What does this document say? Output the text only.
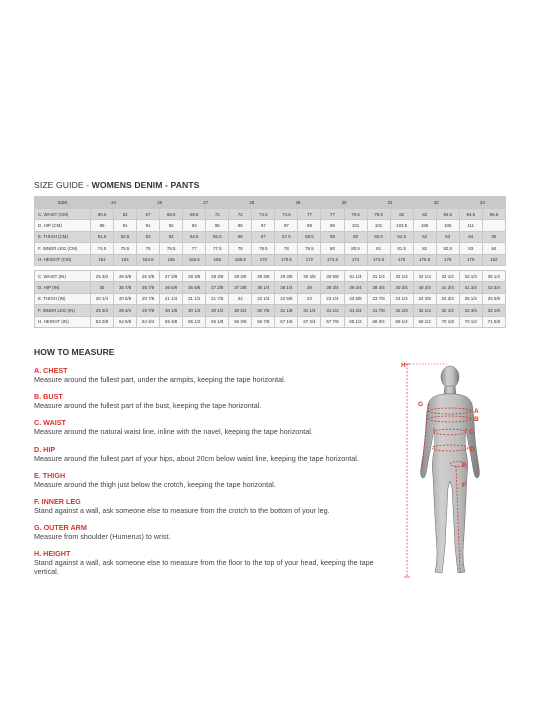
SIZE GUIDE - WOMENS DENIM - PANTS
SIZE	24		26		27		28		29		30		31		32		34	
C. WAIST (CM)	60.5	62	67	68.5	69.5	72	72	74.5	74.5	77	77	79.5	79.5	82	82	84.5	84.5	86.5
D. HIP (CM)	89	91	91	92	93	95	95	97	97	98	99	101	101	103.5	106	106	111	
E. THIGH (CM)	51.5	52.5	53	54	54.5	55.5	56	57	57.5	58.5	59	60	60.5	61.5	62	63	64	65
F. INNER LEG (CM)	74.5	75.5	76	76.5	77	77.5	78	78.5	78	79.5	80	80.5	81	81.5	82	82.5	83	84
H. HEIGHT (CM)	161	164	164.5	166	166.5	168	168.5	170	170.5	172	172.5	174	174.5	176	176.5	178	179	182

C. WAIST (IN)	25 3/4	25 5/8	26 3/8	27 3/8	28 3/8	28 3/8	29 3/8	29 3/8	29 3/8	30 3/8	30 5/8	31 1/4	31 1/4	32 1/4	32 1/4	33 1/4	33 1/4	35 1/4
D. HIP (IN)	35	35 7/8	35 7/8	36 5/8	36 5/8	37 3/8	37 3/8	38 1/4	38 1/4	39	39 3/4	39 3/4	39 3/4	40 3/4	40 3/4	41 3/4	41 3/4	43 3/4
E. THIGH (IN)	20 1/4	20 5/8	20 7/8	21 1/4	21 1/2	21 7/8	22	22 1/2	22 5/8	23	23 1/4	23 5/8	23 7/8	24 1/4	24 3/8	24 3/4	25 1/4	25 5/8
F. INNER LEG (IN)	29 3/4	29 3/4	29 7/8	30 1/8	30 1/4	30 1/2	30 3/4	30 7/8	31 1/8	31 1/4	31 1/2	31 3/4	31 7/8	32 1/8	32 1/4	32 1/2	32 3/4	33 1/8
H. HEIGHT (IN)	63 3/8	64 5/8	64 3/4	65 3/8	65 1/2	66 1/8	66 3/8	66 7/8	67 1/8	67 3/4	67 7/8	68 1/2	68 3/4	69 1/4	69 1/2	70 1/8	70 1/2	71 5/8
HOW TO MEASURE
A. CHEST
Measure around the fullest part, under the armpits, keeping the tape horizontal.
B. BUST
Measure around the fullest part of the bust, keeping the tape horizontal.
C. WAIST
Measure around the natural waist line, inline with the navel, keeping the tape horizontal.
D. HIP
Measure around the fullest part of your hips, about 20cm below waist line, keeping the tape horizontal.
E. THIGH
Measure around the thigh just below the crotch, keeping the tape horizontal.
F. INNER LEG
Stand against a wall, ask someone else to measure from the crotch to the bottom of your leg.
G. OUTER ARM
Measure from shoulder (Humerus) to wrist.
H. HEIGHT
Stand against a wall, ask someone else to measure from the floor to the top of your head, keeping the tape vertical.
H
G
A
B
C
D
E
F
